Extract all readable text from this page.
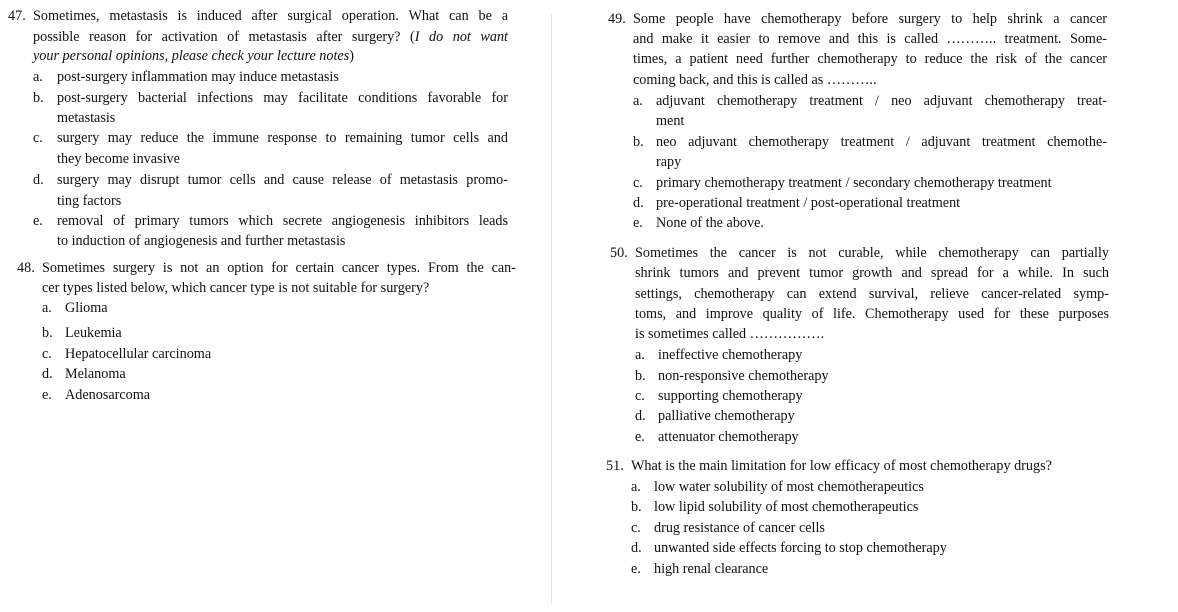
47. Sometimes, metastasis is induced after surgical operation. What can be a
possible reason for activation of metastasis after surgery? (I do not want
your personal opinions, please check your lecture notes)
a. post-surgery inflammation may induce metastasis
b. post-surgery bacterial infections may facilitate conditions favorable for
metastasis
c. surgery may reduce the immune response to remaining tumor cells and
they become invasive
d. surgery may disrupt tumor cells and cause release of metastasis promo-
ting factors
e. removal of primary tumors which secrete angiogenesis inhibitors leads
to induction of angiogenesis and further metastasis
48. Sometimes surgery is not an option for certain cancer types. From the can-
cer types listed below, which cancer type is not suitable for surgery?
a. Glioma
b. Leukemia
c. Hepatocellular carcinoma
d. Melanoma
e. Adenosarcoma
49. Some people have chemotherapy before surgery to help shrink a cancer
and make it easier to remove and this is called ……….. treatment. Some-
times, a patient need further chemotherapy to reduce the risk of the cancer
coming back, and this is called as ………..
a. adjuvant chemotherapy treatment / neo adjuvant chemotherapy treat-
ment
b. neo adjuvant chemotherapy treatment / adjuvant treatment chemothe-
rapy
c. primary chemotherapy treatment / secondary chemotherapy treatment
d. pre-operational treatment / post-operational treatment
e. None of the above.
50. Sometimes the cancer is not curable, while chemotherapy can partially
shrink tumors and prevent tumor growth and spread for a while. In such
settings, chemotherapy can extend survival, relieve cancer-related symp-
toms, and improve quality of life. Chemotherapy used for these purposes
is sometimes called …………….
a. ineffective chemotherapy
b. non-responsive chemotherapy
c. supporting chemotherapy
d. palliative chemotherapy
e. attenuator chemotherapy
51. What is the main limitation for low efficacy of most chemotherapy drugs?
a. low water solubility of most chemotherapeutics
b. low lipid solubility of most chemotherapeutics
c. drug resistance of cancer cells
d. unwanted side effects forcing to stop chemotherapy
e. high renal clearance
